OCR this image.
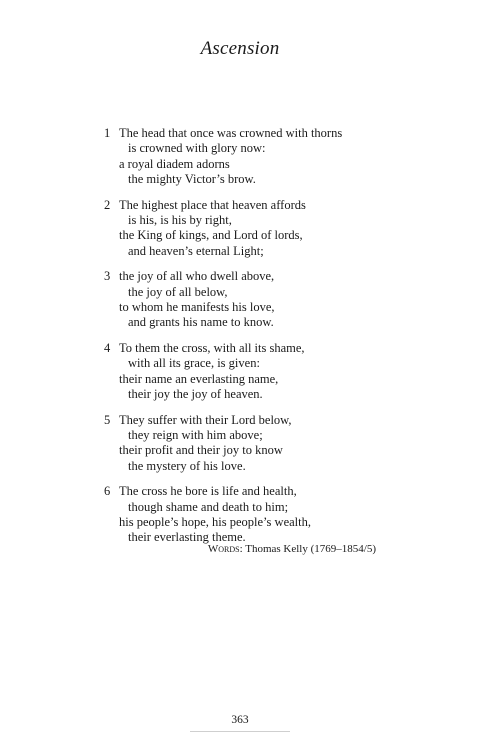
Ascension
1 The head that once was crowned with thorns
is crowned with glory now:
a royal diadem adorns
the mighty Victor’s brow.
2 The highest place that heaven affords
is his, is his by right,
the King of kings, and Lord of lords,
and heaven’s eternal Light;
3 the joy of all who dwell above,
the joy of all below,
to whom he manifests his love,
and grants his name to know.
4 To them the cross, with all its shame,
with all its grace, is given:
their name an everlasting name,
their joy the joy of heaven.
5 They suffer with their Lord below,
they reign with him above;
their profit and their joy to know
the mystery of his love.
6 The cross he bore is life and health,
though shame and death to him;
his people’s hope, his people’s wealth,
their everlasting theme.
Words: Thomas Kelly (1769–1854/5)
363
